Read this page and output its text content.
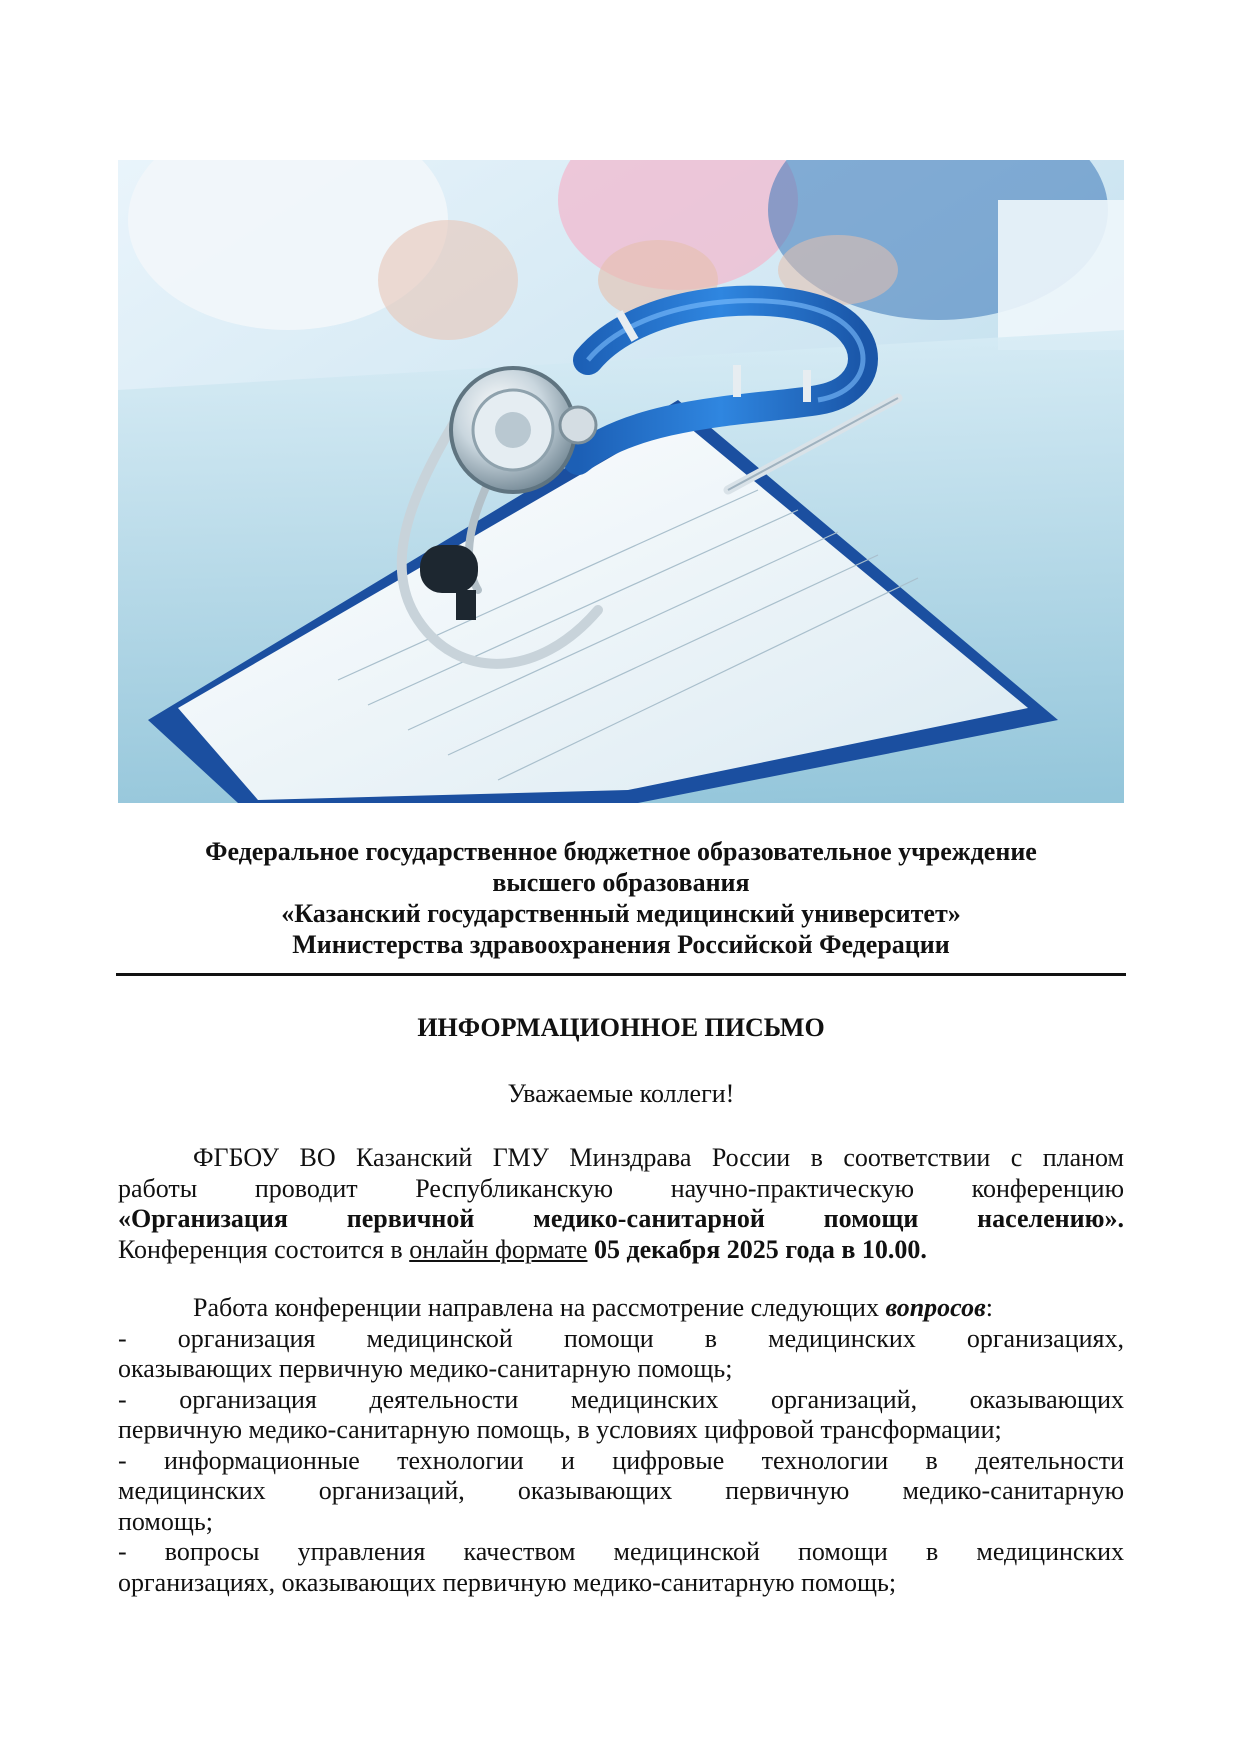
Федеральное государственное бюджетное образовательное учреждение
высшего образования
«Казанский государственный медицинский университет»
Министерства здравоохранения Российской Федерации
ИНФОРМАЦИОННОЕ ПИСЬМО
Уважаемые коллеги!
ФГБОУ ВО Казанский ГМУ Минздрава России в соответствии с планом
работы проводит Республиканскую научно-практическую конференцию
«Организация первичной медико-санитарной помощи населению».
Конференция состоится в онлайн формате 05 декабря 2025 года в 10.00.
Работа конференции направлена на рассмотрение следующих вопросов:
- организация медицинской помощи в медицинских организациях,
оказывающих первичную медико-санитарную помощь;
- организация деятельности медицинских организаций, оказывающих
первичную медико-санитарную помощь, в условиях цифровой трансформации;
- информационные технологии и цифровые технологии в деятельности
медицинских организаций, оказывающих первичную медико-санитарную
помощь;
- вопросы управления качеством медицинской помощи в медицинских
организациях, оказывающих первичную медико-санитарную помощь;
